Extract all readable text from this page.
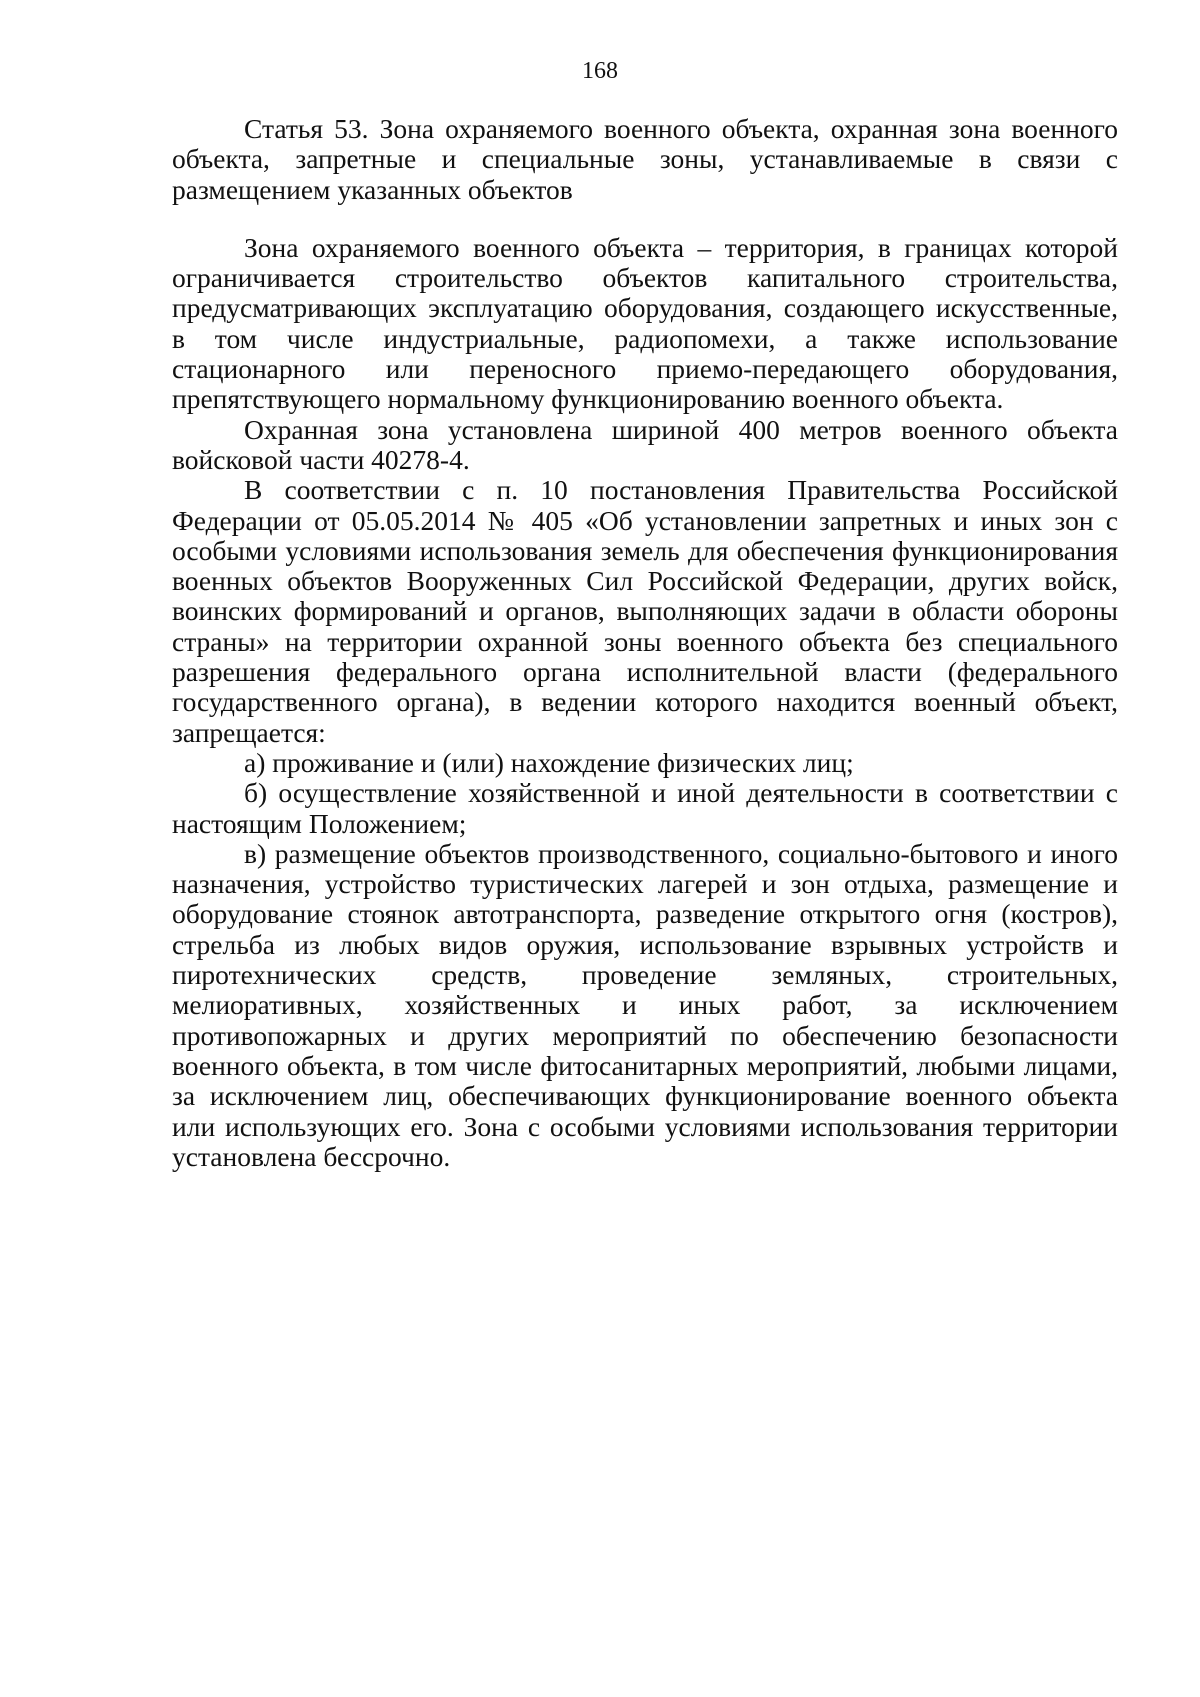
168

Статья 53. Зона охраняемого военного объекта, охранная зона военного объекта, запретные и специальные зоны, устанавливаемые в связи с размещением указанных объектов

Зона охраняемого военного объекта – территория, в границах которой ограничивается строительство объектов капитального строительства, предусматривающих эксплуатацию оборудования, создающего искусственные, в том числе индустриальные, радиопомехи, а также использование стационарного или переносного приемо-передающего оборудования, препятствующего нормальному функционированию военного объекта.

Охранная зона установлена шириной 400 метров военного объекта войсковой части 40278-4.

В соответствии с п. 10 постановления Правительства Российской Федерации от 05.05.2014 № 405 «Об установлении запретных и иных зон с особыми условиями использования земель для обеспечения функционирования военных объектов Вооруженных Сил Российской Федерации, других войск, воинских формирований и органов, выполняющих задачи в области обороны страны» на территории охранной зоны военного объекта без специального разрешения федерального органа исполнительной власти (федерального государственного органа), в ведении которого находится военный объект, запрещается:

а) проживание и (или) нахождение физических лиц;

б) осуществление хозяйственной и иной деятельности в соответствии с настоящим Положением;

в) размещение объектов производственного, социально-бытового и иного назначения, устройство туристических лагерей и зон отдыха, размещение и оборудование стоянок автотранспорта, разведение открытого огня (костров), стрельба из любых видов оружия, использование взрывных устройств и пиротехнических средств, проведение земляных, строительных, мелиоративных, хозяйственных и иных работ, за исключением противопожарных и других мероприятий по обеспечению безопасности военного объекта, в том числе фитосанитарных мероприятий, любыми лицами, за исключением лиц, обеспечивающих функционирование военного объекта или использующих его. Зона с особыми условиями использования территории установлена бессрочно.
